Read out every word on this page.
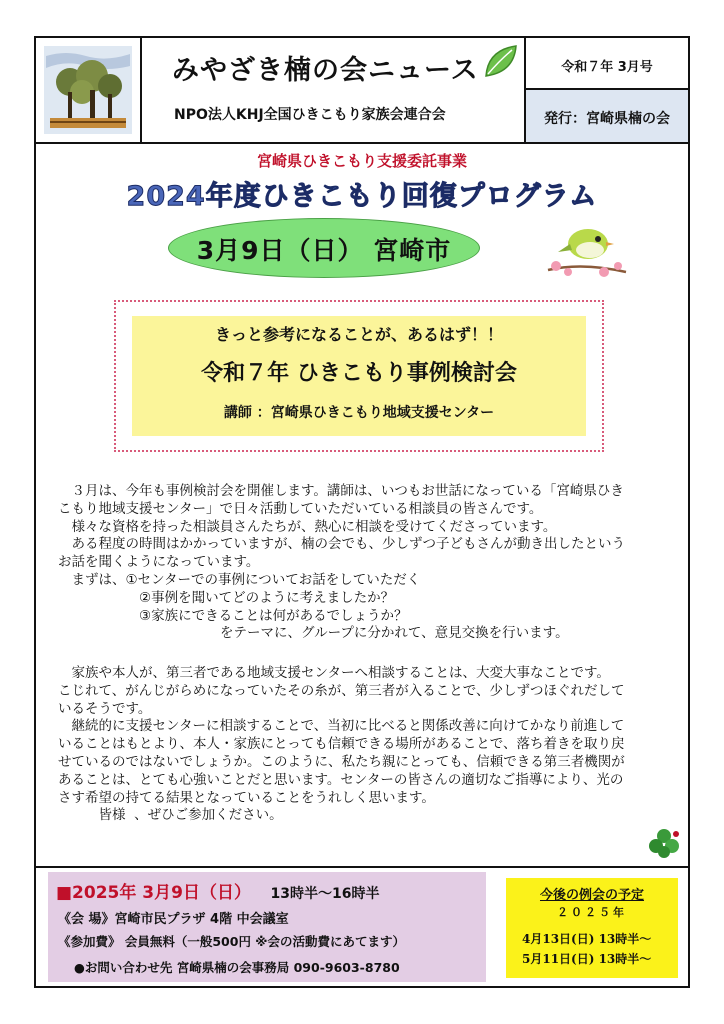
みやざき楠の会ニュース
NPO法人KHJ全国ひきこもり家族会連合会
令和７年 3月号
発行：宮崎県楠の会
宮崎県ひきこもり支援委託事業
2024年度ひきこもり回復プログラム
3月9日（日） 宮崎市
きっと参考になることが、あるはず！！
令和７年 ひきこもり事例検討会
講師 ：宮崎県ひきこもり地域支援センター

　３月は、今年も事例検討会を開催します。講師は、いつもお世話になっている「宮崎県ひき

こもり地域支援センター」で日々活動していただいている相談員の皆さんです。

　様々な資格を持った相談員さんたちが、熱心に相談を受けてくださっています。

　ある程度の時間はかかっていますが、楠の会でも、少しずつ子どもさんが動き出したという

お話を聞くようになっています。

　まずは、①センターでの事例についてお話をしていただく

　　　　　　②事例を聞いてどのように考えましたか？

　　　　　　③家族にできることは何があるでしょうか？

　　　　　　　　　　　　をテーマに、グループに分かれて、意見交換を行います。

　家族や本人が、第三者である地域支援センターへ相談することは、大変大事なことです。

こじれて、がんじがらめになっていたその糸が、第三者が入ることで、少しずつほぐれだして

いるそうです。

　継続的に支援センターに相談することで、当初に比べると関係改善に向けてかなり前進して

いることはもとより、本人・家族にとっても信頼できる場所があることで、落ち着きを取り戻

せているのではないでしょうか。このように、私たち親にとっても、信頼できる第三者機関が

あることは、とても心強いことだと思います。センターの皆さんの適切なご指導により、光の

さす希望の持てる結果となっていることをうれしく思います。

　　　皆様  、ぜひご参加ください。

■2025年 3月9日（日） 13時半～16時半
《会 場》宮崎市民プラザ 4階 中会議室
《参加費》 会員無料（一般500円 ※会の活動費にあてます）
●お問い合わせ先 宮崎県楠の会事務局 090-9603-8780
今後の例会の予定
２０２５年
4月13日(日) 13時半～
5月11日(日) 13時半～
